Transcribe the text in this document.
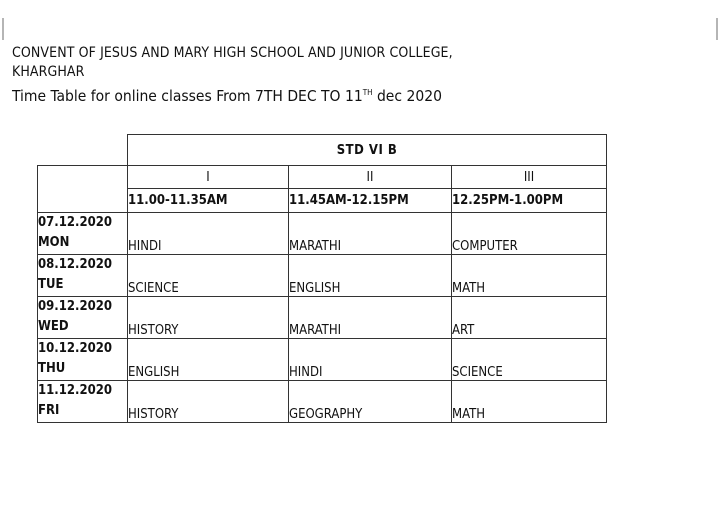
CONVENT OF JESUS AND MARY HIGH SCHOOL AND JUNIOR COLLEGE,
KHARGHAR
Time Table for online classes From 7TH DEC TO 11TH dec 2020
	STD VI B		
	I	II	III
	11.00-11.35AM	11.45AM-12.15PM	12.25PM-1.00PM

07.12.2020
MON	HINDI	MARATHI	COMPUTER

08.12.2020
TUE	SCIENCE	ENGLISH	MATH

09.12.2020
WED	HISTORY	MARATHI	ART

10.12.2020
THU	ENGLISH	HINDI	SCIENCE

11.12.2020
FRI	HISTORY	GEOGRAPHY	MATH
